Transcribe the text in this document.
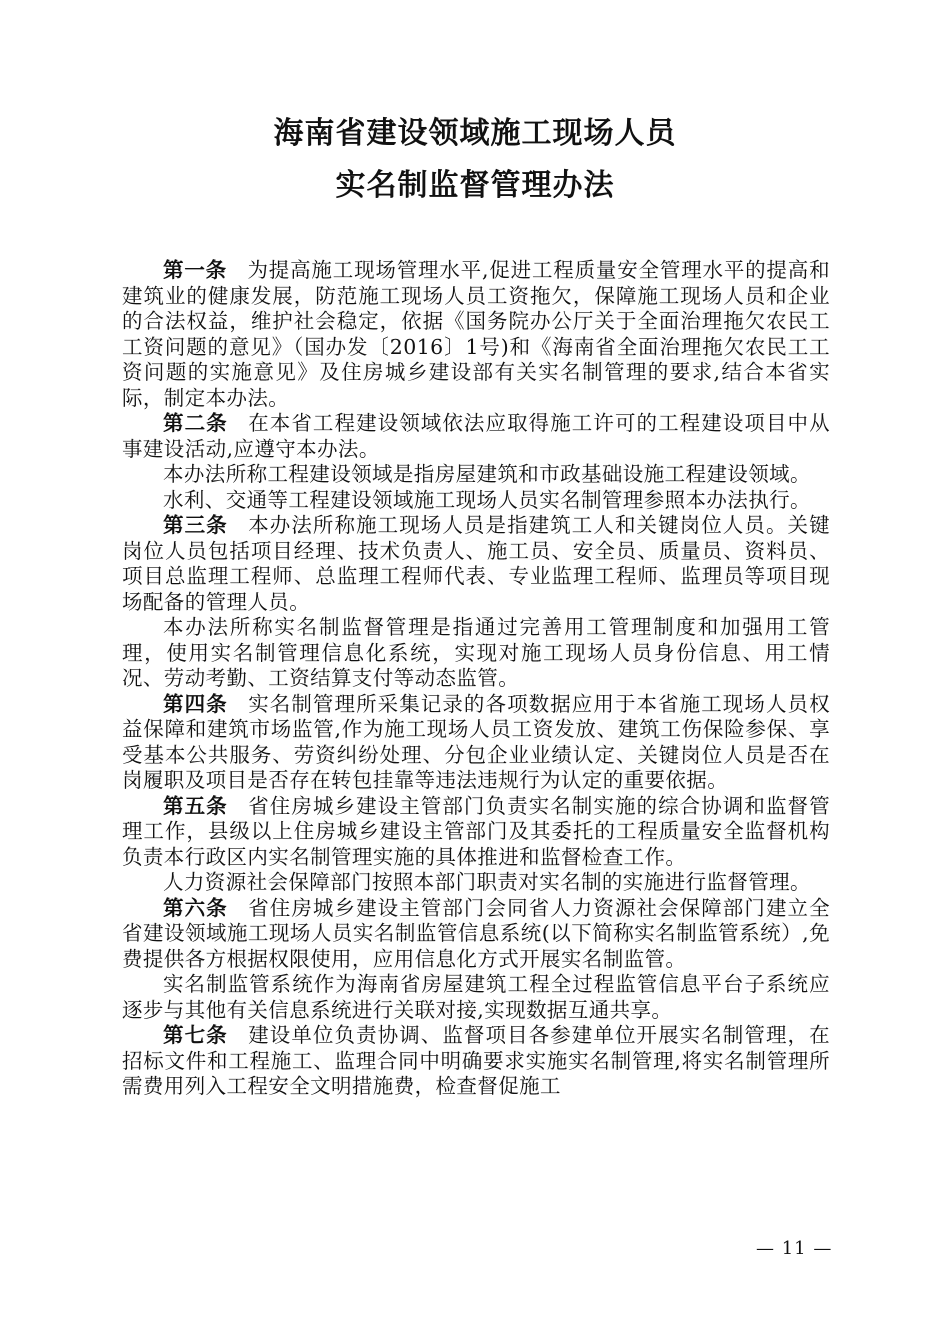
海南省建设领域施工现场人员
实名制监督管理办法

第一条 为提高施工现场管理水平,促进工程质量安全管理水平的提高和建筑业的健康发展，防范施工现场人员工资拖欠，保障施工现场人员和企业的合法权益，维护社会稳定，依据《国务院办公厅关于全面治理拖欠农民工工资问题的意见》（国办发〔2016〕1号)和《海南省全面治理拖欠农民工工资问题的实施意见》及住房城乡建设部有关实名制管理的要求,结合本省实际，制定本办法。

第二条 在本省工程建设领域依法应取得施工许可的工程建设项目中从事建设活动,应遵守本办法。

本办法所称工程建设领域是指房屋建筑和市政基础设施工程建设领域。

水利、交通等工程建设领域施工现场人员实名制管理参照本办法执行。

第三条 本办法所称施工现场人员是指建筑工人和关键岗位人员。关键岗位人员包括项目经理、技术负责人、施工员、安全员、质量员、资料员、项目总监理工程师、总监理工程师代表、专业监理工程师、监理员等项目现场配备的管理人员。

本办法所称实名制监督管理是指通过完善用工管理制度和加强用工管理，使用实名制管理信息化系统，实现对施工现场人员身份信息、用工情况、劳动考勤、工资结算支付等动态监管。

第四条 实名制管理所采集记录的各项数据应用于本省施工现场人员权益保障和建筑市场监管,作为施工现场人员工资发放、建筑工伤保险参保、享受基本公共服务、劳资纠纷处理、分包企业业绩认定、关键岗位人员是否在岗履职及项目是否存在转包挂靠等违法违规行为认定的重要依据。

第五条 省住房城乡建设主管部门负责实名制实施的综合协调和监督管理工作，县级以上住房城乡建设主管部门及其委托的工程质量安全监督机构负责本行政区内实名制管理实施的具体推进和监督检查工作。

人力资源社会保障部门按照本部门职责对实名制的实施进行监督管理。

第六条 省住房城乡建设主管部门会同省人力资源社会保障部门建立全省建设领域施工现场人员实名制监管信息系统(以下简称实名制监管系统）,免费提供各方根据权限使用，应用信息化方式开展实名制监管。

实名制监管系统作为海南省房屋建筑工程全过程监管信息平台子系统应逐步与其他有关信息系统进行关联对接,实现数据互通共享。

第七条 建设单位负责协调、监督项目各参建单位开展实名制管理，在招标文件和工程施工、监理合同中明确要求实施实名制管理,将实名制管理所需费用列入工程安全文明措施费，检查督促施工

— 11 —
